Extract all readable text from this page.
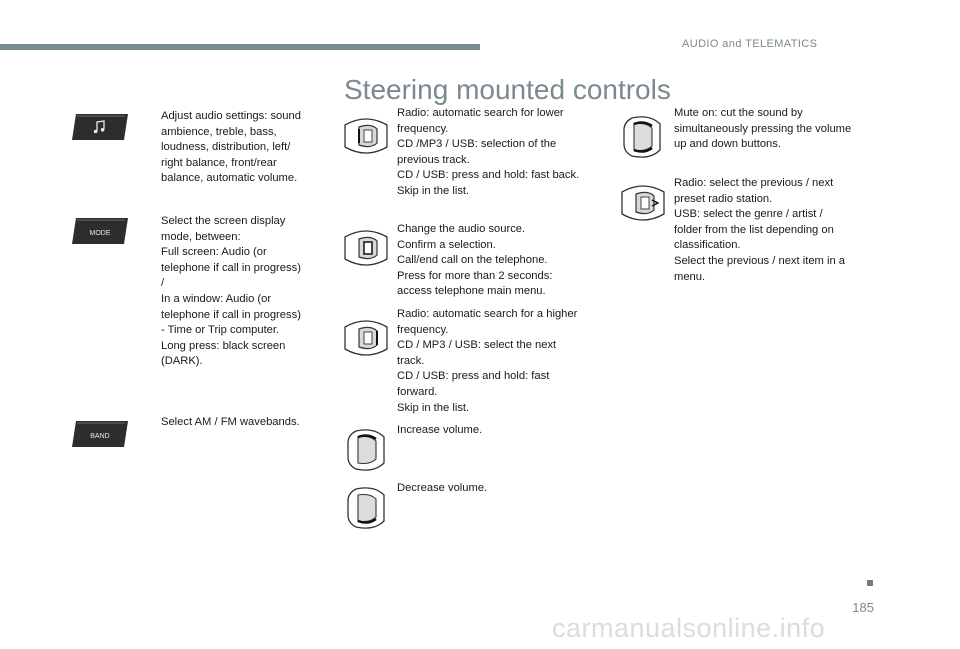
AUDIO and TELEMATICS
Steering mounted controls
MODE
BAND
Adjust audio settings: sound
ambience, treble, bass,
loudness, distribution, left/
right balance, front/rear
balance, automatic volume.
Select the screen display
mode, between:
Full screen: Audio (or
telephone if call in progress)
/
In a window: Audio (or
telephone if call in progress)
- Time or Trip computer.
Long press: black screen
(DARK).
Select AM / FM wavebands.
Radio: automatic search for lower
frequency.
CD /MP3 / USB: selection of the
previous track.
CD / USB: press and hold: fast back.
Skip in the list.
Change the audio source.
Confirm a selection.
Call/end call on the telephone.
Press for more than 2 seconds:
access telephone main menu.
Radio: automatic search for a higher
frequency.
CD / MP3 / USB: select the next
track.
CD / USB: press and hold: fast
forward.
Skip in the list.
Increase volume.
Decrease volume.
Mute on: cut the sound by
simultaneously pressing the volume
up and down buttons.
Radio: select the previous / next
preset radio station.
USB: select the genre / artist /
folder from the list depending on
classification.
Select the previous / next item in a
menu.
185
carmanualsonline.info
